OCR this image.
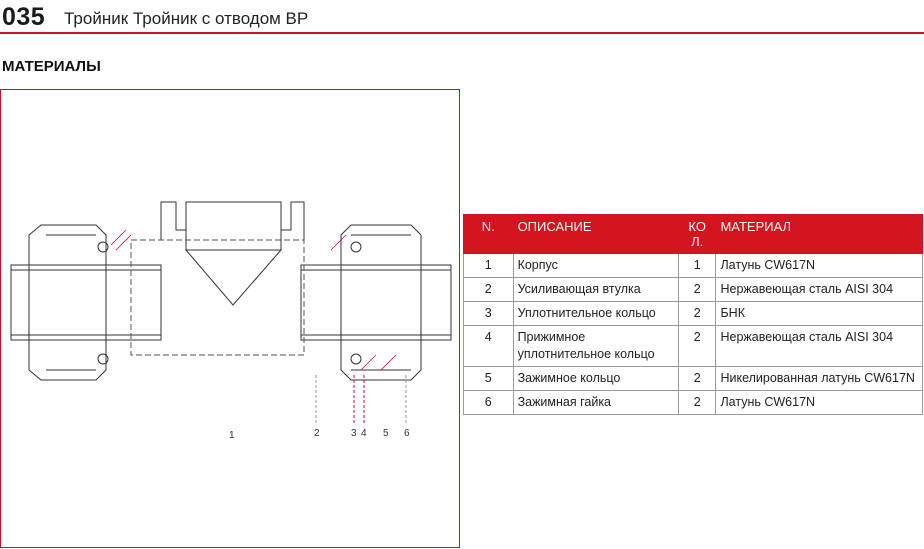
035 Тройник Тройник с отводом ВР
МАТЕРИАЛЫ
1	2	3 4 5 6
N.	ОПИСАНИЕ	КО Л.	МАТЕРИАЛ
1	Корпус	1	Латунь CW617N
2	Усиливающая втулка	2	Нержавеющая сталь AISI 304
3	Уплотнительное кольцо	2	БНК
4	Прижимное уплотнительное кольцо	2	Нержавеющая сталь AISI 304
5	Зажимное кольцо	2	Никелированная латунь CW617N
6	Зажимная гайка	2	Латунь CW617N
